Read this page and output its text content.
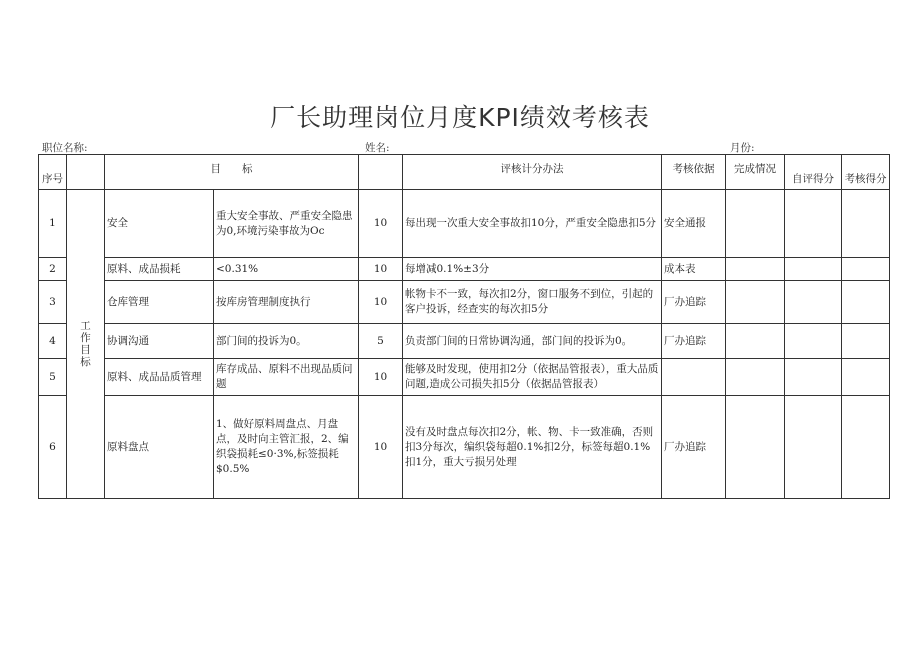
厂长助理岗位月度KPI绩效考核表
职位名称:	姓名:	月份:
序号		目　　标			评核计分办法	考核依据	完成情况	自评得分	考核得分
1	工作目标	安全	重大安全事故、严重安全隐患为0,环境污染事故为Oc	10	每出现一次重大安全事故扣10分，严重安全隐患扣5分	安全通报			
2		原料、成品损耗	<0.31%	10	每增减0.1%±3分	成本表			
3		仓库管理	按库房管理制度执行	10	帐物卡不一致，每次扣2分，窗口服务不到位，引起的客户投诉，经查实的每次扣5分	厂办追踪			
4		协调沟通	部门间的投诉为0。	5	负责部门间的日常协调沟通，部门间的投诉为0。	厂办追踪			
5		原料、成品品质管理	库存成品、原料不出现品质问题	10	能够及时发现，使用扣2分（依据品管报表），重大品质问题,造成公司损失扣5分（依据品管报表）				
6		原料盘点	1、做好原料周盘点、月盘点，及时向主管汇报，2、编织袋损耗≤0·3%,标签损耗$0.5%	10	没有及时盘点每次扣2分，帐、物、卡一致准确，否则扣3分每次，编织袋每超0.1%扣2分，标签每超0.1%扣1分，重大亏损另处理	厂办追踪			
